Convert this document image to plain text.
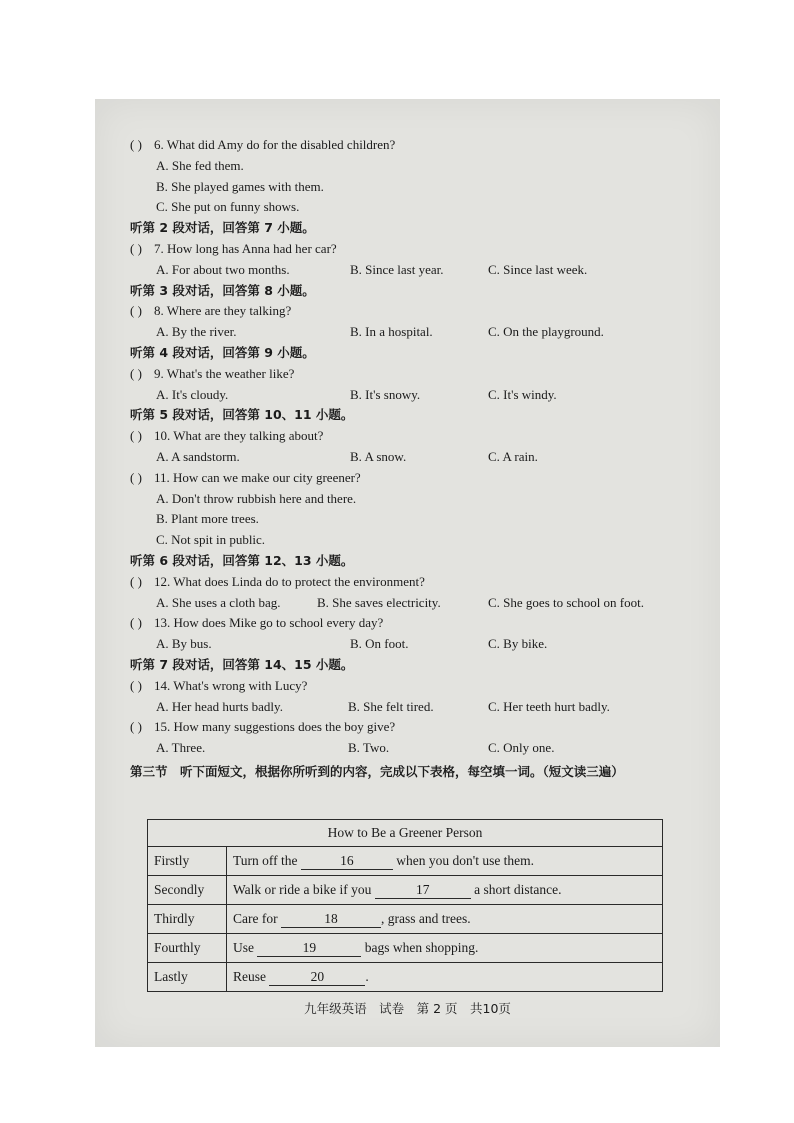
( ) 6. What did Amy do for the disabled children?
A. She fed them.
B. She played games with them.
C. She put on funny shows.
听第 2 段对话，回答第 7 小题。
( ) 7. How long has Anna had her car?
A. For about two months.	B. Since last year.	C. Since last week.
听第 3 段对话，回答第 8 小题。
( ) 8. Where are they talking?
A. By the river.	B. In a hospital.	C. On the playground.
听第 4 段对话，回答第 9 小题。
( ) 9. What's the weather like?
A. It's cloudy.	B. It's snowy.	C. It's windy.
听第 5 段对话，回答第 10、11 小题。
( ) 10. What are they talking about?
A. A sandstorm.	B. A snow.	C. A rain.
( ) 11. How can we make our city greener?
A. Don't throw rubbish here and there.
B. Plant more trees.
C. Not spit in public.
听第 6 段对话，回答第 12、13 小题。
( ) 12. What does Linda do to protect the environment?
A. She uses a cloth bag.	B. She saves electricity.	C. She goes to school on foot.
( ) 13. How does Mike go to school every day?
A. By bus.	B. On foot.	C. By bike.
听第 7 段对话，回答第 14、15 小题。
( ) 14. What's wrong with Lucy?
A. Her head hurts badly.	B. She felt tired.	C. Her teeth hurt badly.
( ) 15. How many suggestions does the boy give?
A. Three.	B. Two.	C. Only one.
第三节　听下面短文，根据你所听到的内容，完成以下表格，每空填一词。（短文读三遍）
How to Be a Greener Person	
Firstly	Turn off the 16 when you don't use them.
Secondly	Walk or ride a bike if you 17 a short distance.
Thirdly	Care for 18 , grass and trees.
Fourthly	Use 19 bags when shopping.
Lastly	Reuse 20 .
九年级英语　试卷　第 2 页　共10页
